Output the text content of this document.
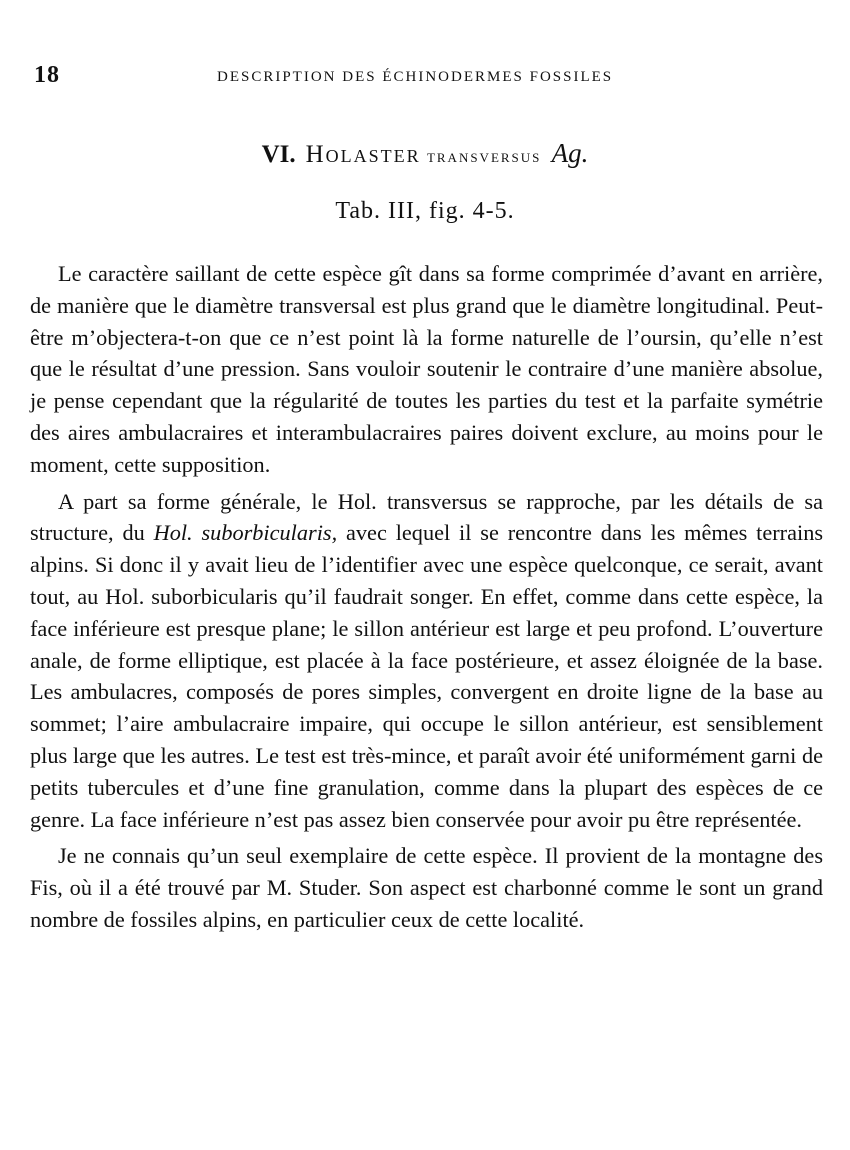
18	DESCRIPTION DES ÉCHINODERMES FOSSILES
VI. Holaster transversus Ag.
Tab. III, fig. 4-5.

Le caractère saillant de cette espèce gît dans sa forme comprimée d’avant en arrière, de manière que le diamètre transversal est plus grand que le diamètre longitudinal. Peut-être m’objectera-t-on que ce n’est point là la forme naturelle de l’oursin, qu’elle n’est que le résultat d’une pression. Sans vouloir soutenir le contraire d’une manière absolue, je pense cependant que la régularité de toutes les parties du test et la parfaite symétrie des aires ambulacraires et interambulacraires paires doivent exclure, au moins pour le moment, cette supposition.

A part sa forme générale, le Hol. transversus se rapproche, par les détails de sa structure, du Hol. suborbicularis, avec lequel il se rencontre dans les mêmes terrains alpins. Si donc il y avait lieu de l’identifier avec une espèce quelconque, ce serait, avant tout, au Hol. suborbicularis qu’il faudrait songer. En effet, comme dans cette espèce, la face inférieure est presque plane; le sillon antérieur est large et peu profond. L’ouverture anale, de forme elliptique, est placée à la face postérieure, et assez éloignée de la base. Les ambulacres, composés de pores simples, convergent en droite ligne de la base au sommet; l’aire ambulacraire impaire, qui occupe le sillon antérieur, est sensiblement plus large que les autres. Le test est très-mince, et paraît avoir été uniformément garni de petits tubercules et d’une fine granulation, comme dans la plupart des espèces de ce genre. La face inférieure n’est pas assez bien conservée pour avoir pu être représentée.

Je ne connais qu’un seul exemplaire de cette espèce. Il provient de la montagne des Fis, où il a été trouvé par M. Studer. Son aspect est charbonné comme le sont un grand nombre de fossiles alpins, en particulier ceux de cette localité.
